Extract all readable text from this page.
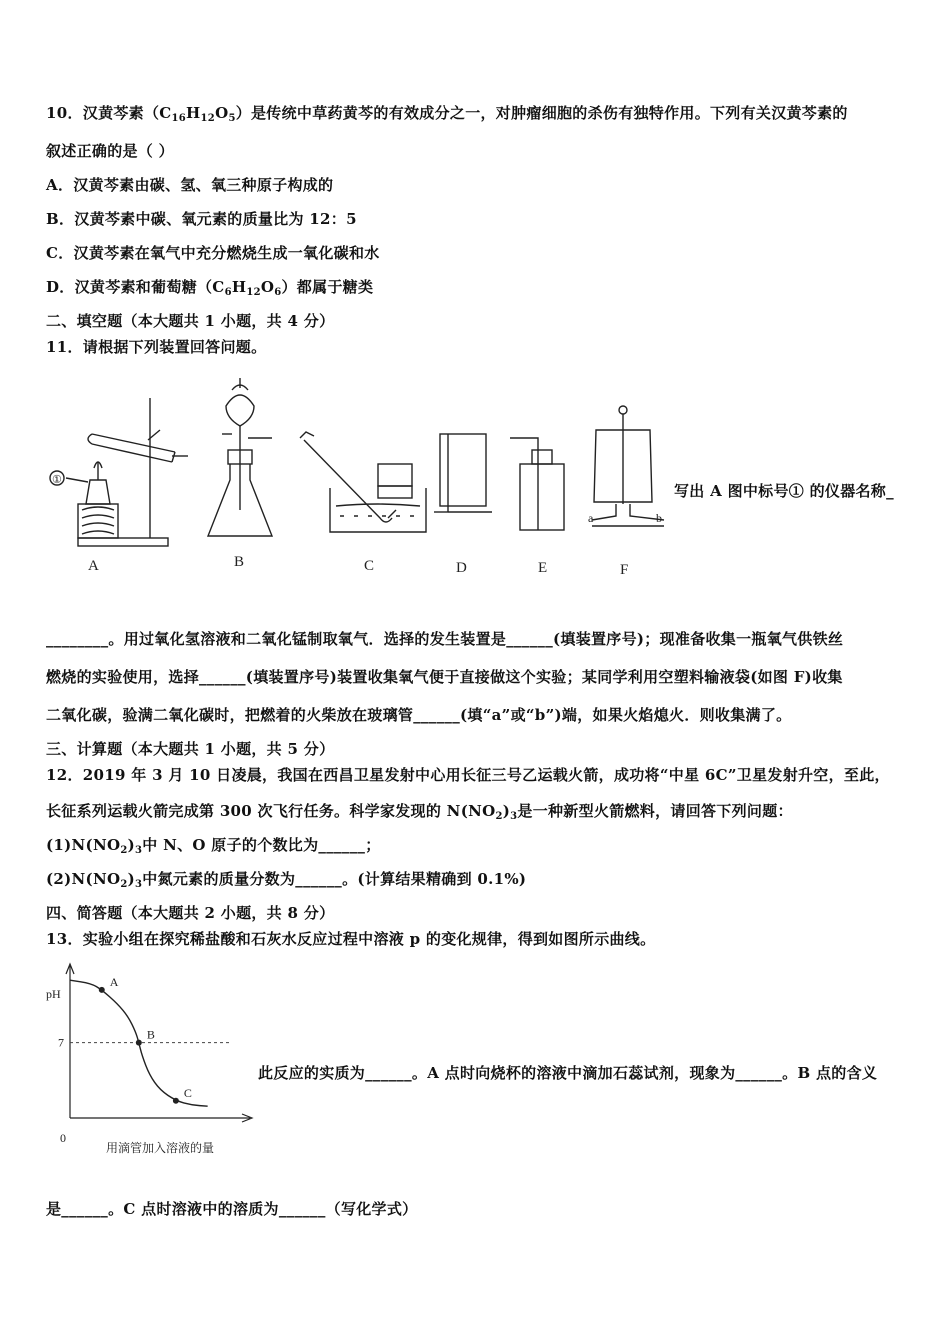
10．汉黄芩素$(C_{16}H_{12}O_5)$是传统中草药黄芩的有效成分之一，对肿瘤细胞的杀伤有独特作用。下列有关汉黄芩素的
叙述正确的是（ ）
A．汉黄芩素由碳、氢、氧三种原子构成的
B．汉黄芩素中碳、氧元素的质量比为 12：5
C．汉黄芩素在氧气中充分燃烧生成一氧化碳和水
D．汉黄芩素和葡萄糖$(C_6H_{12}O_6)$都属于糖类
二、填空题（本大题共 1 小题，共 4 分）
11．请根据下列装置回答问题。
①
A	B	C	D	E	F
a	b
写出 A 图中标号① 的仪器名称_
________。用过氧化氢溶液和二氧化锰制取氧气．选择的发生装置是______(填装置序号)；现准备收集一瓶氧气供铁丝
燃烧的实验使用，选择______(填装置序号)装置收集氧气便于直接做这个实验；某同学利用空塑料输液袋(如图 F)收集
二氧化碳，验满二氧化碳时，把燃着的火柴放在玻璃管______(填“a”或“b”)端，如果火焰熄火．则收集满了。
三、计算题（本大题共 1 小题，共 5 分）
12．2019 年 3 月 10 日凌晨，我国在西昌卫星发射中心用长征三号乙运载火箭，成功将“中星 6C”卫星发射升空，至此，
长征系列运载火箭完成第 300 次飞行任务。科学家发现的 $N(NO_2)_3$是一种新型火箭燃料，请回答下列问题：
$(1)N(NO_2)_3$中 N、O 原子的个数比为______；
$(2)N(NO_2)_3$中氮元素的质量分数为______。(计算结果精确到 0.1%)
四、简答题（本大题共 2 小题，共 8 分）
13．实验小组在探究稀盐酸和石灰水反应过程中溶液 p 的变化规律，得到如图所示曲线。
A
B
C
pH
7
0
用滴管加入溶液的量
此反应的实质为______。A 点时向烧杯的溶液中滴加石蕊试剂，现象为______。B 点的含义
是______。C 点时溶液中的溶质为______（写化学式）
